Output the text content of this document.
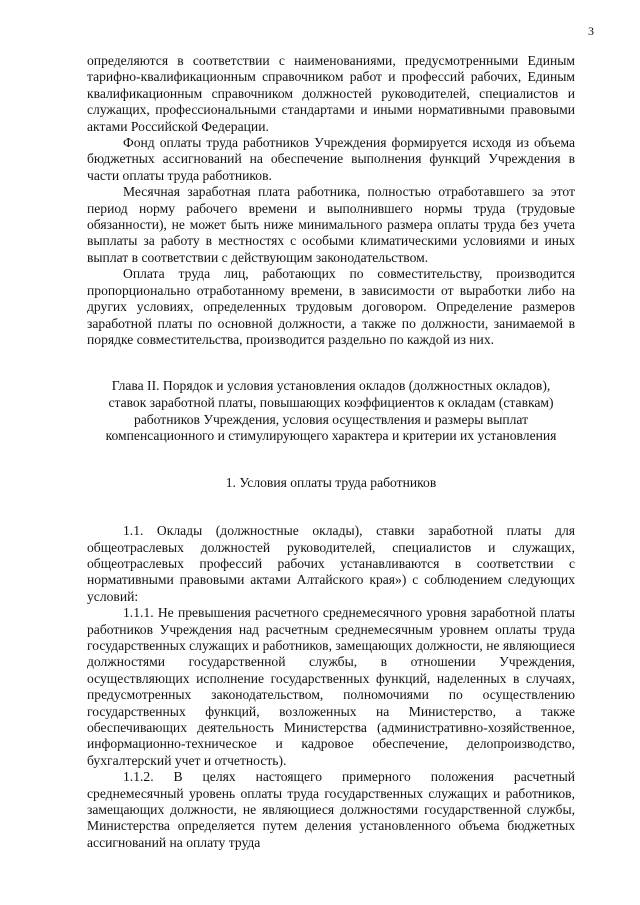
3

определяются в соответствии с наименованиями, предусмотренными Единым тарифно-квалификационным справочником работ и профессий рабочих, Единым квалификационным справочником должностей руководителей, специалистов и служащих, профессиональными стандартами и иными нормативными правовыми актами Российской Федерации.

Фонд оплаты труда работников Учреждения формируется исходя из объема бюджетных ассигнований на обеспечение выполнения функций Учреждения в части оплаты труда работников.

Месячная заработная плата работника, полностью отработавшего за этот период норму рабочего времени и выполнившего нормы труда (трудовые обязанности), не может быть ниже минимального размера оплаты труда без учета выплаты за работу в местностях с особыми климатическими условиями и иных выплат в соответствии с действующим законодательством.

Оплата труда лиц, работающих по совместительству, производится пропорционально отработанному времени, в зависимости от выработки либо на других условиях, определенных трудовым договором. Определение размеров заработной платы по основной должности, а также по должности, занимаемой в порядке совместительства, производится раздельно по каждой из них.

Глава II. Порядок и условия установления окладов (должностных окладов),
ставок заработной платы, повышающих коэффициентов к окладам (ставкам)
работников Учреждения, условия осуществления и размеры выплат
компенсационного и стимулирующего характера и критерии их установления
1. Условия оплаты труда работников

1.1. Оклады (должностные оклады), ставки заработной платы для общеотраслевых должностей руководителей, специалистов и служащих, общеотраслевых профессий рабочих устанавливаются в соответствии с нормативными правовыми актами Алтайского края») с соблюдением следующих условий:

1.1.1. Не превышения расчетного среднемесячного уровня заработной платы работников Учреждения над расчетным среднемесячным уровнем оплаты труда государственных служащих и работников, замещающих должности, не являющиеся должностями государственной службы, в отношении Учреждения, осуществляющих исполнение государственных функций, наделенных в случаях, предусмотренных законодательством, полномочиями по осуществлению государственных функций, возложенных на Министерство, а также обеспечивающих деятельность Министерства (административно-хозяйственное, информационно-техническое и кадровое обеспечение, делопроизводство, бухгалтерский учет и отчетность).

1.1.2. В целях настоящего примерного положения расчетный среднемесячный уровень оплаты труда государственных служащих и работников, замещающих должности, не являющиеся должностями государственной службы, Министерства определяется путем деления установленного объема бюджетных ассигнований на оплату труда
